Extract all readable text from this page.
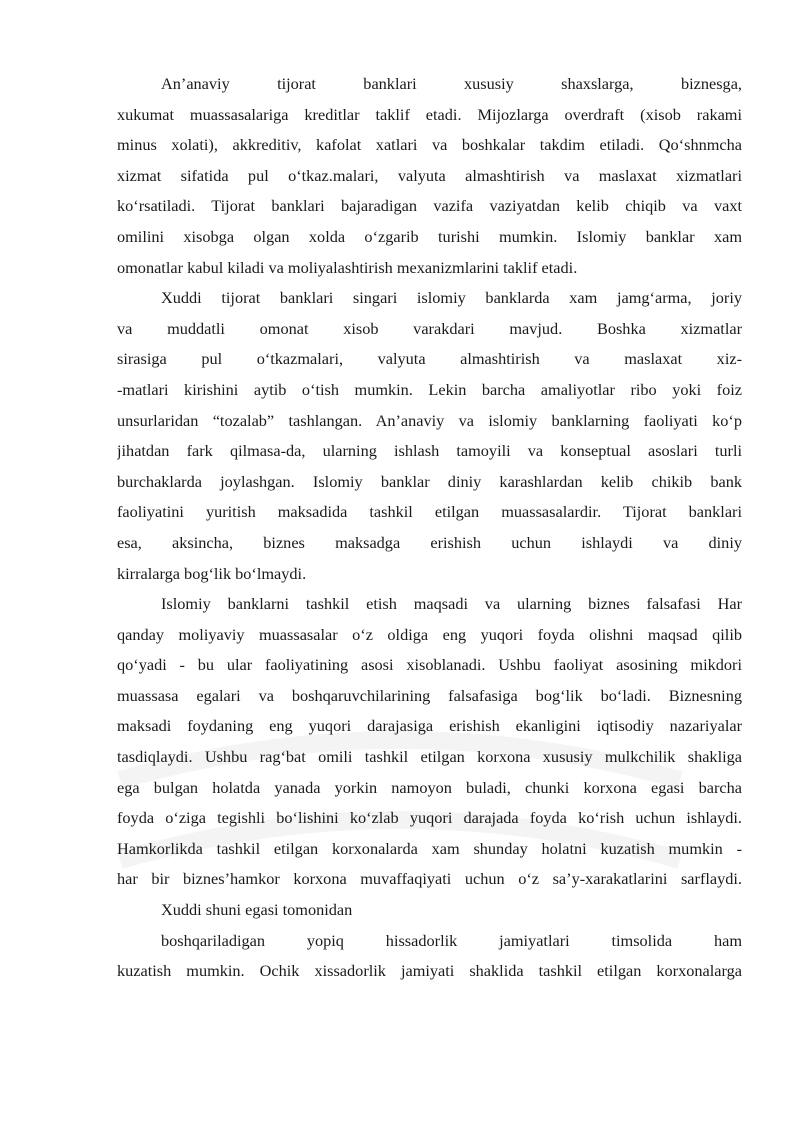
An’anaviy tijorat banklari xususiy shaxslarga, biznesga,
xukumat muassasalariga kreditlar taklif etadi. Mijozlarga overdraft (xisob rakami
minus xolati), akkreditiv, kafolat xatlari va boshkalar takdim etiladi. Qo‘shnmcha
xizmat sifatida pul o‘tkaz.malari, valyuta almashtirish va maslaxat xizmatlari
ko‘rsatiladi. Tijorat banklari bajaradigan vazifa vaziyatdan kelib chiqib va vaxt
omilini xisobga olgan xolda o‘zgarib turishi mumkin. Islomiy banklar xam
omonatlar kabul kiladi va moliyalashtirish mexanizmlarini taklif etadi.
Xuddi tijorat banklari singari islomiy banklarda xam jamg‘arma, joriy
va muddatli omonat xisob varakdari mavjud. Boshka xizmatlar
sirasiga pul o‘tkazmalari, valyuta almashtirish va maslaxat xiz-
-matlari kirishini aytib o‘tish mumkin. Lekin barcha amaliyotlar ribo yoki foiz
unsurlaridan “tozalab” tashlangan. An’anaviy va islomiy banklarning faoliyati ko‘p
jihatdan fark qilmasa-da, ularning ishlash tamoyili va konseptual asoslari turli
burchaklarda joylashgan. Islomiy banklar diniy karashlardan kelib chikib bank
faoliyatini yuritish maksadida tashkil etilgan muassasalardir. Tijorat banklari
esa, aksincha, biznes maksadga erishish uchun ishlaydi va diniy
kirralarga bog‘lik bo‘lmaydi.
Islomiy banklarni tashkil etish maqsadi va ularning biznes falsafasi Har
qanday moliyaviy muassasalar o‘z oldiga eng yuqori foyda olishni maqsad qilib
qo‘yadi - bu ular faoliyatining asosi xisoblanadi. Ushbu faoliyat asosining mikdori
muassasa egalari va boshqaruvchilarining falsafasiga bog‘lik bo‘ladi. Biznesning
maksadi foydaning eng yuqori darajasiga erishish ekanligini iqtisodiy nazariyalar
tasdiqlaydi. Ushbu rag‘bat omili tashkil etilgan korxona xususiy mulkchilik shakliga
ega bulgan holatda yanada yorkin namoyon buladi, chunki korxona egasi barcha
foyda o‘ziga tegishli bo‘lishini ko‘zlab yuqori darajada foyda ko‘rish uchun ishlaydi.
Hamkorlikda tashkil etilgan korxonalarda xam shunday holatni kuzatish mumkin -
har bir biznes’hamkor korxona muvaffaqiyati uchun o‘z sa’y-xarakatlarini sarflaydi.
Xuddi shuni egasi tomonidan
boshqariladigan yopiq hissadorlik jamiyatlari timsolida ham
kuzatish mumkin. Ochik xissadorlik jamiyati shaklida tashkil etilgan korxonalarga
